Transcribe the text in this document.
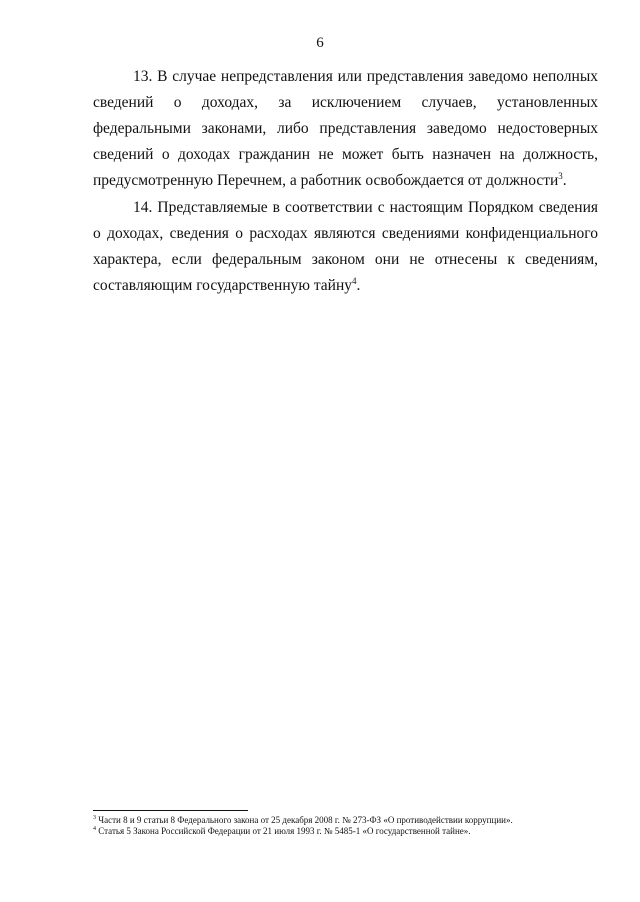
6

13. В случае непредставления или представления заведомо неполных сведений о доходах, за исключением случаев, установленных федеральными законами, либо представления заведомо недостоверных сведений о доходах гражданин не может быть назначен на должность, предусмотренную Перечнем, а работник освобождается от должности$^3$.

14. Представляемые в соответствии с настоящим Порядком сведения о доходах, сведения о расходах являются сведениями конфиденциального характера, если федеральным законом они не отнесены к сведениям, составляющим государственную тайну$^4$.

$^3$ Части 8 и 9 статьи 8 Федерального закона от 25 декабря 2008 г. № 273-ФЗ «О противодействии коррупции».
$^4$ Статья 5 Закона Российской Федерации от 21 июля 1993 г. № 5485-1 «О государственной тайне».
